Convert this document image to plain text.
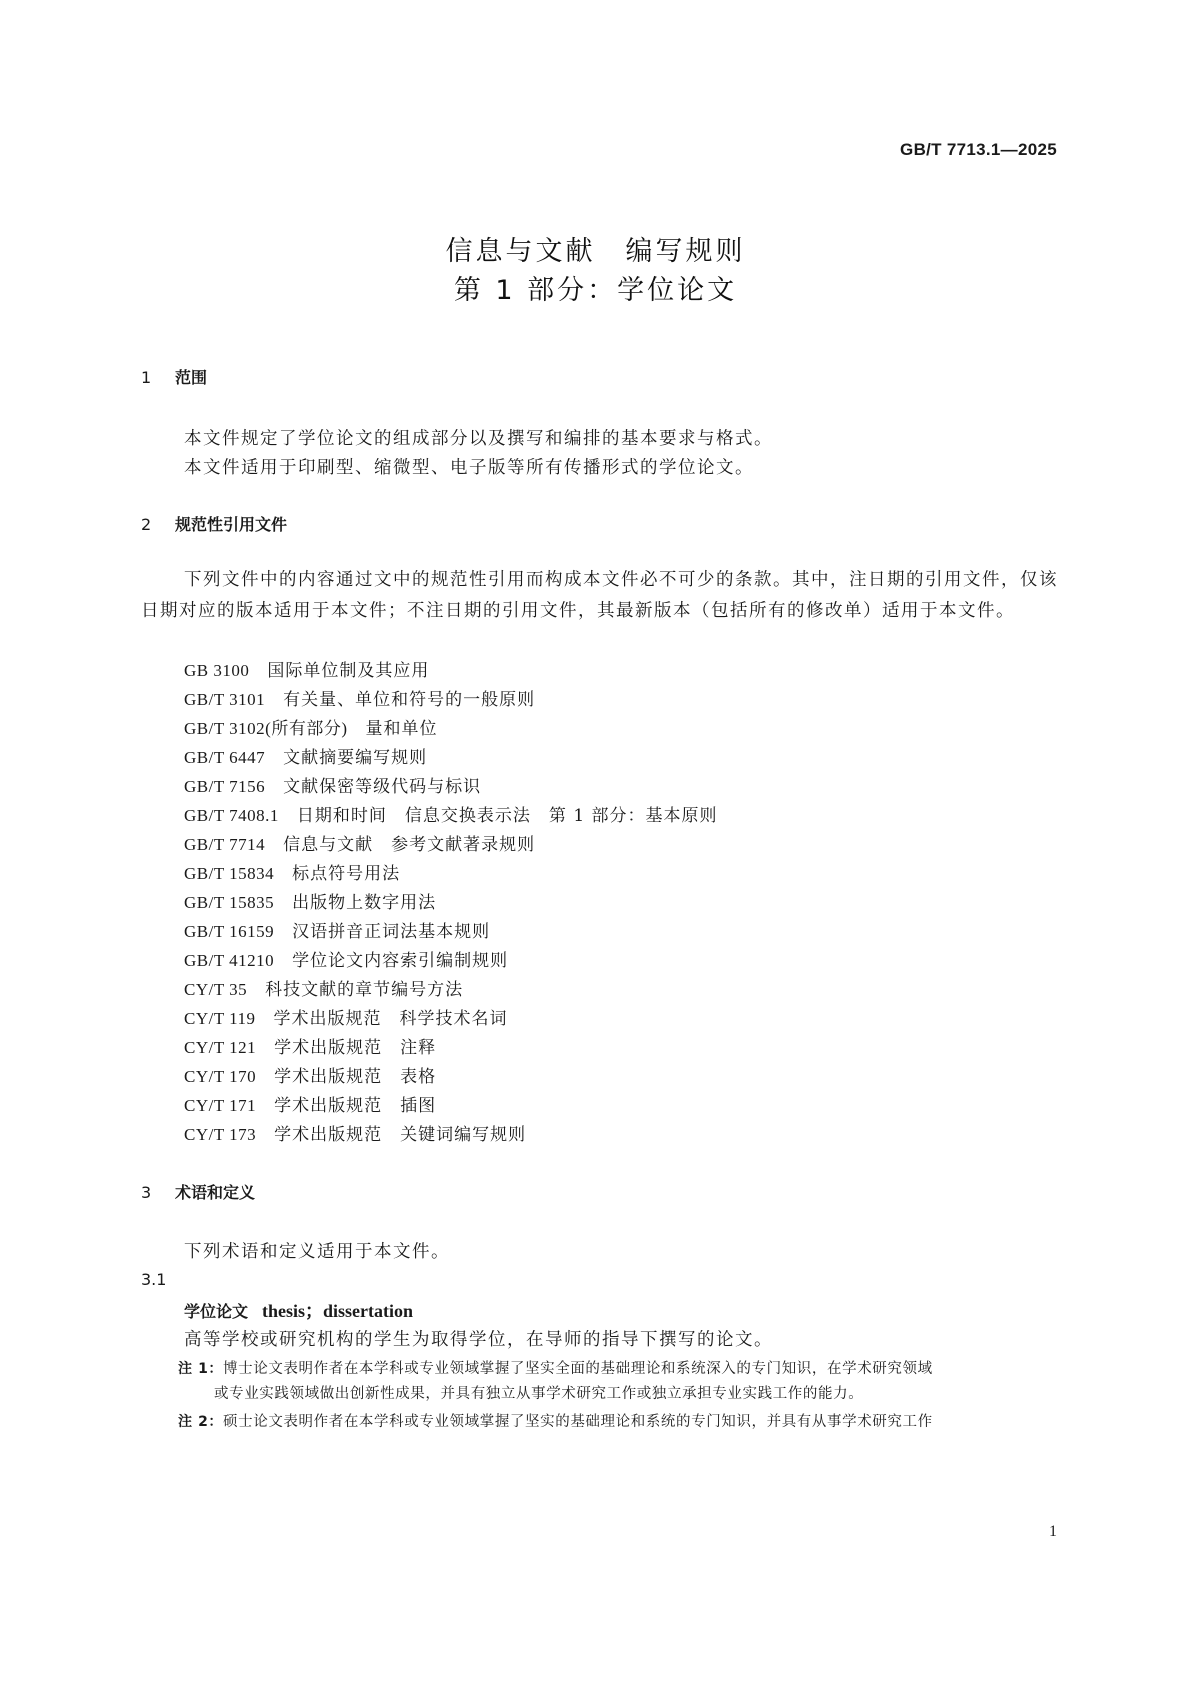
GB/T 7713.1—2025
信息与文献　编写规则
第 1 部分：学位论文
1 范围
本文件规定了学位论文的组成部分以及撰写和编排的基本要求与格式。
本文件适用于印刷型、缩微型、电子版等所有传播形式的学位论文。
2 规范性引用文件
下列文件中的内容通过文中的规范性引用而构成本文件必不可少的条款。其中，注日期的引用文件，仅该日期对应的版本适用于本文件；不注日期的引用文件，其最新版本（包括所有的修改单）适用于本文件。
GB 3100 国际单位制及其应用
GB/T 3101 有关量、单位和符号的一般原则
GB/T 3102(所有部分) 量和单位
GB/T 6447 文献摘要编写规则
GB/T 7156 文献保密等级代码与标识
GB/T 7408.1 日期和时间　信息交换表示法　第 1 部分：基本原则
GB/T 7714 信息与文献　参考文献著录规则
GB/T 15834 标点符号用法
GB/T 15835 出版物上数字用法
GB/T 16159 汉语拼音正词法基本规则
GB/T 41210 学位论文内容索引编制规则
CY/T 35 科技文献的章节编号方法
CY/T 119 学术出版规范　科学技术名词
CY/T 121 学术出版规范　注释
CY/T 170 学术出版规范　表格
CY/T 171 学术出版规范　插图
CY/T 173 学术出版规范　关键词编写规则
3 术语和定义
下列术语和定义适用于本文件。
3.1
学位论文 thesis；dissertation
高等学校或研究机构的学生为取得学位，在导师的指导下撰写的论文。
注 1：博士论文表明作者在本学科或专业领域掌握了坚实全面的基础理论和系统深入的专门知识，在学术研究领域
或专业实践领域做出创新性成果，并具有独立从事学术研究工作或独立承担专业实践工作的能力。
注 2：硕士论文表明作者在本学科或专业领域掌握了坚实的基础理论和系统的专门知识，并具有从事学术研究工作
1
